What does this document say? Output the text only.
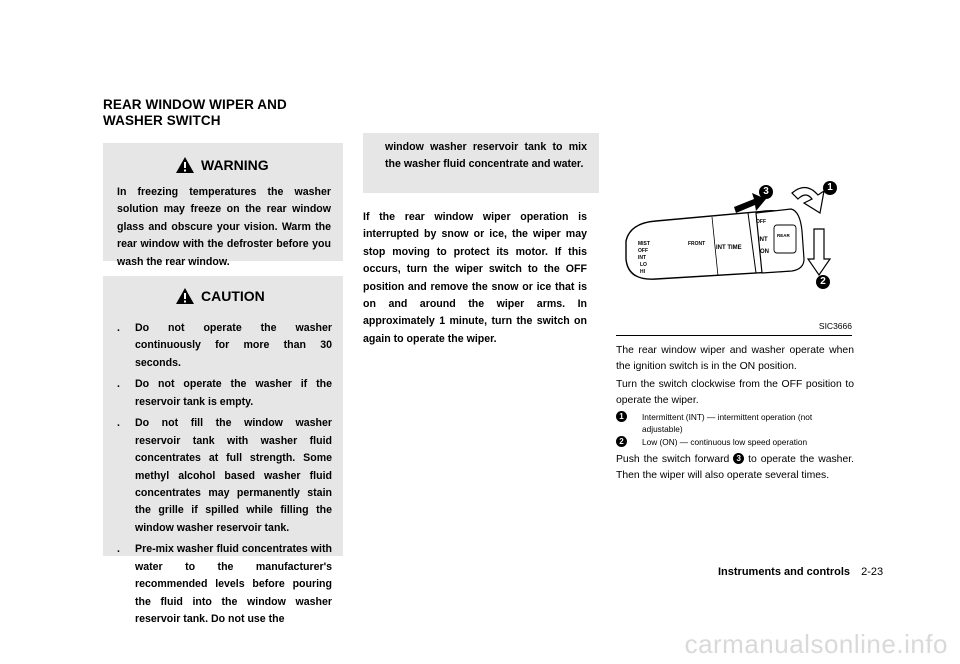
REAR WINDOW WIPER AND
WASHER SWITCH
WARNING
In freezing temperatures the washer solution may freeze on the rear window glass and obscure your vision. Warm the rear window with the defroster before you wash the rear window.
CAUTION
. Do not operate the washer continuously for more than 30 seconds.
. Do not operate the washer if the reservoir tank is empty.
. Do not fill the window washer reservoir tank with washer fluid concentrates at full strength. Some methyl alcohol based washer fluid concentrates may permanently stain the grille if spilled while filling the window washer reservoir tank.
. Pre-mix washer fluid concentrates with water to the manufacturer's recommended levels before pouring the fluid into the window washer reservoir tank. Do not use the
window washer reservoir tank to mix the washer fluid concentrate and water.
If the rear window wiper operation is interrupted by snow or ice, the wiper may stop moving to protect its motor. If this occurs, turn the wiper switch to the OFF position and remove the snow or ice that is on and around the wiper arms. In approximately 1 minute, turn the switch on again to operate the wiper.
MIST
OFF
INT
LO
HI
FRONT
INT TIME
OFF
INT
ON
REAR
1
2
3
SIC3666
The rear window wiper and washer operate when the ignition switch is in the ON position.
Turn the switch clockwise from the OFF position to operate the wiper.
1	Intermittent (INT) — intermittent operation (not adjustable)
2	Low (ON) — continuous low speed operation
Push the switch forward 3 to operate the washer. Then the wiper will also operate several times.
Instruments and controls 2-23
carmanualsonline.info
